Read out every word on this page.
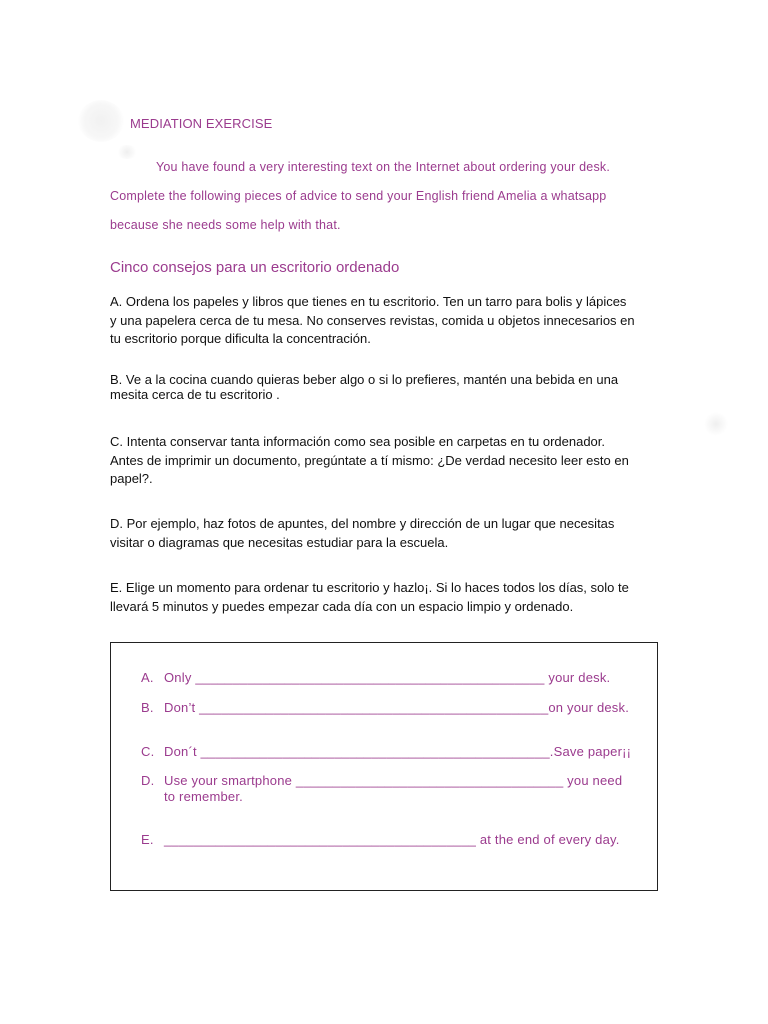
MEDIATION EXERCISE
You have found a very interesting text on the Internet about ordering your desk.
Complete the following pieces of advice to send your English friend Amelia a whatsapp
because she needs some help with that.
Cinco consejos para un escritorio ordenado

A. Ordena los papeles y libros que tienes en tu escritorio. Ten un tarro para bolis y lápices
y una papelera cerca de tu mesa. No conserves revistas, comida u objetos innecesarios en
tu escritorio porque dificulta la concentración.

B. Ve a la cocina cuando quieras beber algo o si lo prefieres, mantén una bebida en una
mesita cerca de tu escritorio .

C. Intenta conservar tanta información como sea posible en carpetas en tu ordenador.
Antes de imprimir un documento, pregúntate a tí mismo: ¿De verdad necesito leer esto en
papel?.

D. Por ejemplo, haz fotos de apuntes, del nombre y dirección de un lugar que necesitas
visitar o diagramas que necesitas estudiar para la escuela.

E. Elige un momento para ordenar tu escritorio y hazlo¡. Si lo haces todos los días, solo te
llevará 5 minutos y puedes empezar cada día con un espacio limpio y ordenado.

A. Only _______________________________________________ your desk.
B. Don’t _______________________________________________on your desk.
C. Don´t _______________________________________________.Save paper¡¡
D. Use your smartphone ____________________________________ you need
to remember.
E. __________________________________________ at the end of every day.
